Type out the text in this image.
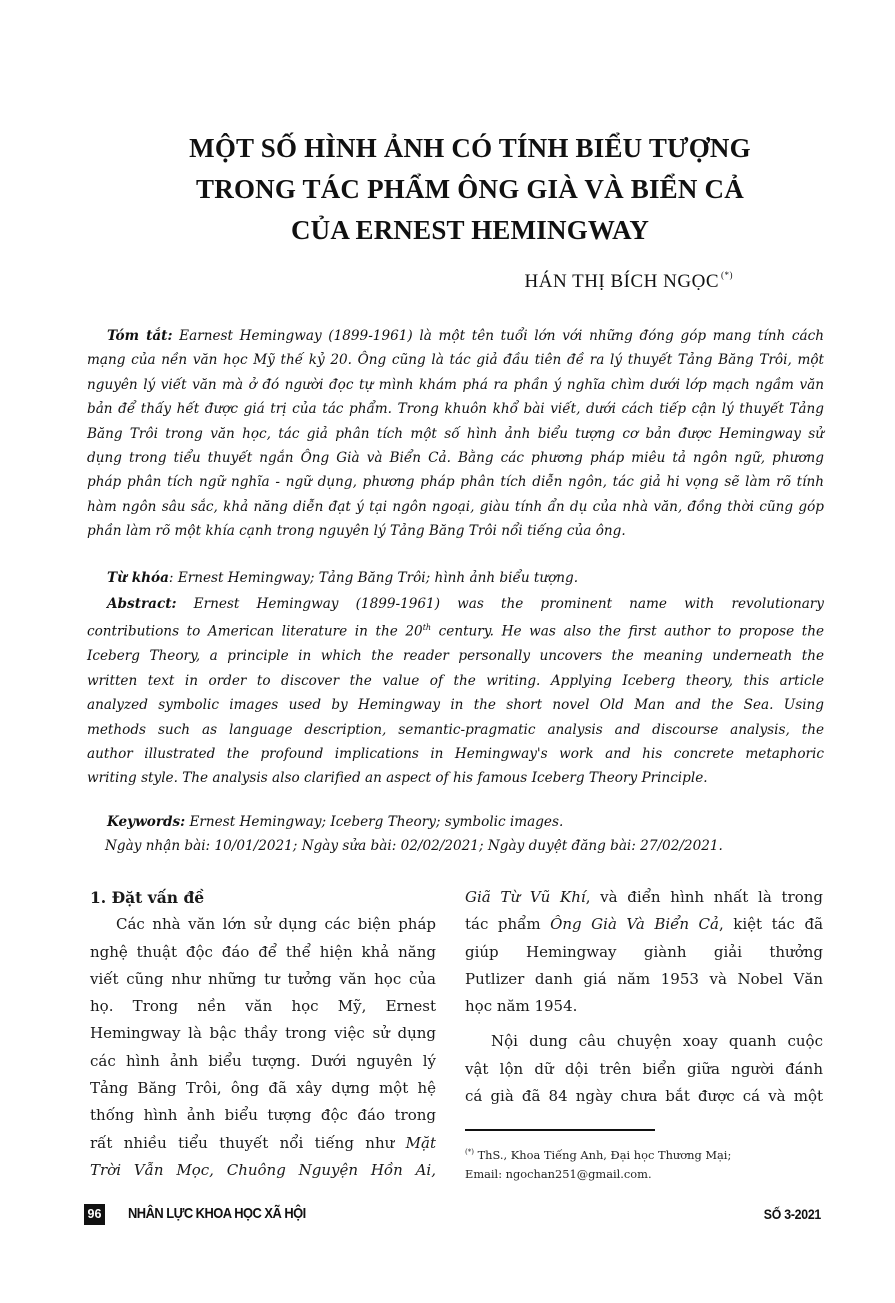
MỘT SỐ HÌNH ẢNH CÓ TÍNH BIỂU TƯỢNG
TRONG TÁC PHẨM ÔNG GIÀ VÀ BIỂN CẢ
CỦA ERNEST HEMINGWAY
HÁN THỊ BÍCH NGỌC (*)
Tóm tắt: Earnest Hemingway (1899-1961) là một tên tuổi lớn với những đóng góp mang tính cách
mạng của nền văn học Mỹ thế kỷ 20. Ông cũng là tác giả đầu tiên đề ra lý thuyết Tảng Băng Trôi, một
nguyên lý viết văn mà ở đó người đọc tự mình khám phá ra phần ý nghĩa chìm dưới lớp mạch ngầm văn
bản để thấy hết được giá trị của tác phẩm. Trong khuôn khổ bài viết, dưới cách tiếp cận lý thuyết Tảng
Băng Trôi trong văn học, tác giả phân tích một số hình ảnh biểu tượng cơ bản được Hemingway sử
dụng trong tiểu thuyết ngắn Ông Già và Biển Cả. Bằng các phương pháp miêu tả ngôn ngữ, phương
pháp phân tích ngữ nghĩa - ngữ dụng, phương pháp phân tích diễn ngôn, tác giả hi vọng sẽ làm rõ tính
hàm ngôn sâu sắc, khả năng diễn đạt ý tại ngôn ngoại, giàu tính ẩn dụ của nhà văn, đồng thời cũng góp
phần làm rõ một khía cạnh trong nguyên lý Tảng Băng Trôi nổi tiếng của ông.
Từ khóa: Ernest Hemingway; Tảng Băng Trôi; hình ảnh biểu tượng.
Abstract: Ernest Hemingway (1899-1961) was the prominent name with revolutionary
contributions to American literature in the 20th century. He was also the first author to propose the
Iceberg Theory, a principle in which the reader personally uncovers the meaning underneath the
written text in order to discover the value of the writing. Applying Iceberg theory, this article
analyzed symbolic images used by Hemingway in the short novel Old Man and the Sea. Using
methods such as language description, semantic-pragmatic analysis and discourse analysis, the
author illustrated the profound implications in Hemingway's work and his concrete metaphoric
writing style. The analysis also clarified an aspect of his famous Iceberg Theory Principle.
Keywords: Ernest Hemingway; Iceberg Theory; symbolic images.
Ngày nhận bài: 10/01/2021; Ngày sửa bài: 02/02/2021; Ngày duyệt đăng bài: 27/02/2021.
1. Đặt vấn đề
Các nhà văn lớn sử dụng các biện pháp
nghệ thuật độc đáo để thể hiện khả năng
viết cũng như những tư tưởng văn học của
họ. Trong nền văn học Mỹ, Ernest
Hemingway là bậc thầy trong việc sử dụng
các hình ảnh biểu tượng. Dưới nguyên lý
Tảng Băng Trôi, ông đã xây dựng một hệ
thống hình ảnh biểu tượng độc đáo trong
rất nhiều tiểu thuyết nổi tiếng như Mặt
Trời Vẫn Mọc, Chuông Nguyện Hồn Ai,
Giã Từ Vũ Khí, và điển hình nhất là trong
tác phẩm Ông Già Và Biển Cả, kiệt tác đã
giúp Hemingway giành giải thưởng
Putlizer danh giá năm 1953 và Nobel Văn
học năm 1954.
Nội dung câu chuyện xoay quanh cuộc
vật lộn dữ dội trên biển giữa người đánh
cá già đã 84 ngày chưa bắt được cá và một
(*) ThS., Khoa Tiếng Anh, Đại học Thương Mại;
Email: ngochan251@gmail.com.
96 NHÂN LỰC KHOA HỌC XÃ HỘI	SỐ 3-2021
